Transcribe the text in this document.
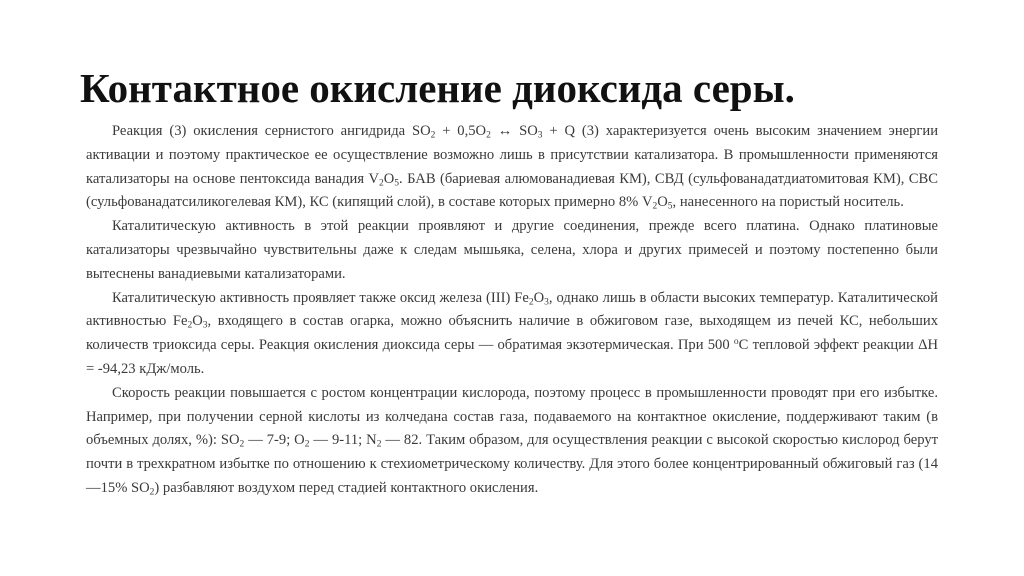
Контактное окисление диоксида серы.

Реакция (3) окисления сернистого ангидрида $SO_2 + 0,5O_2$ ↔ $SO_3 + Q$ (3) характеризуется очень высоким значением энергии активации и поэтому практическое ее осуществление возможно лишь в присутствии катализатора. В промышленности применяются катализаторы на основе пентоксида ванадия $V_2O_5$. БАВ (бариевая алюмованадиевая КМ), СВД (сульфованадатдиатомитовая КМ), СВС (сульфованадатсиликогелевая КМ), КС (кипящий слой), в составе которых примерно 8% $V_2O_5$, нанесенного на пористый носитель.

Каталитическую активность в этой реакции проявляют и другие соединения, прежде всего платина. Однако платиновые катализаторы чрезвычайно чувствительны даже к следам мышьяка, селена, хлора и других примесей и поэтому постепенно были вытеснены ванадиевыми катализаторами.

Каталитическую активность проявляет также оксид железа (III) $Fe_2O_3$, однако лишь в области высоких температур. Каталитической активностью $Fe_2O_3$, входящего в состав огарка, можно объяснить наличие в обжиговом газе, выходящем из печей КС, небольших количеств триоксида серы. Реакция окисления диоксида серы — обратимая экзотермическая. При 500 $^o$С тепловой эффект реакции ΔН = -94,23 кДж/моль.

Скорость реакции повышается с ростом концентрации кислорода, поэтому процесс в промышленности проводят при его избытке. Например, при получении серной кислоты из колчедана состав газа, подаваемого на контактное окисление, поддерживают таким (в объемных долях, %): $SO_2$ — 7-9; $O_2$ — 9-11; $N_2$ — 82. Таким образом, для осуществления реакции с высокой скоростью кислород берут почти в трехкратном избытке по отношению к стехиометрическому количеству. Для этого более концентрированный обжиговый газ (14—15% $SO_2$) разбавляют воздухом перед стадией контактного окисления.
